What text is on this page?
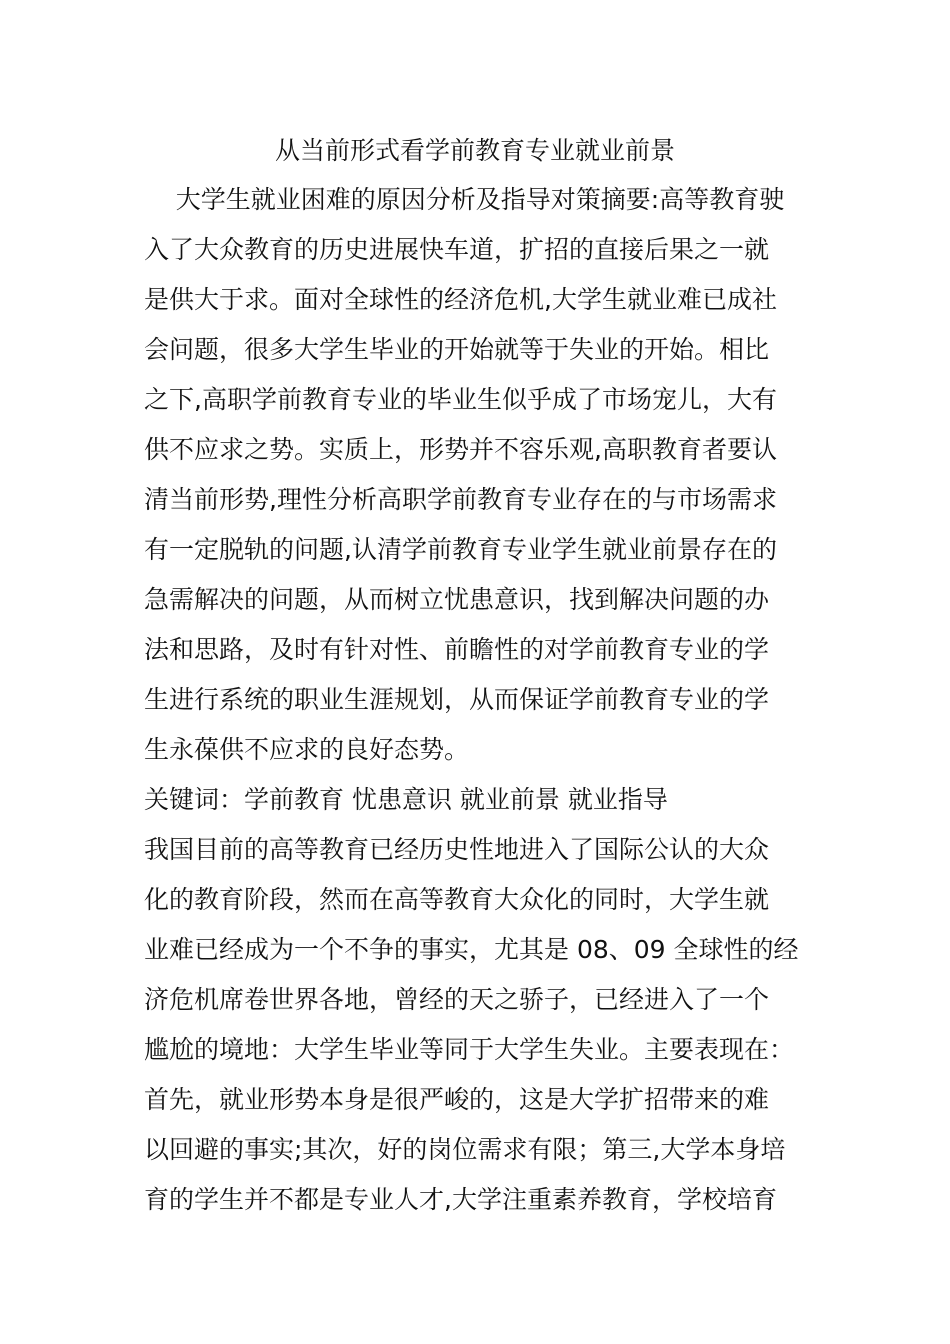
从当前形式看学前教育专业就业前景
大学生就业困难的原因分析及指导对策摘要:高等教育驶
入了大众教育的历史进展快车道，扩招的直接后果之一就
是供大于求。面对全球性的经济危机,大学生就业难已成社
会问题，很多大学生毕业的开始就等于失业的开始。相比
之下,高职学前教育专业的毕业生似乎成了市场宠儿，大有
供不应求之势。实质上，形势并不容乐观,高职教育者要认
清当前形势,理性分析高职学前教育专业存在的与市场需求
有一定脱轨的问题,认清学前教育专业学生就业前景存在的
急需解决的问题，从而树立忧患意识，找到解决问题的办
法和思路，及时有针对性、前瞻性的对学前教育专业的学
生进行系统的职业生涯规划，从而保证学前教育专业的学
生永葆供不应求的良好态势。

关键词：学前教育 忧患意识 就业前景 就业指导

我国目前的高等教育已经历史性地进入了国际公认的大众
化的教育阶段，然而在高等教育大众化的同时，大学生就
业难已经成为一个不争的事实，尤其是 08、09 全球性的经
济危机席卷世界各地，曾经的天之骄子，已经进入了一个
尴尬的境地：大学生毕业等同于大学生失业。主要表现在：
首先，就业形势本身是很严峻的，这是大学扩招带来的难
以回避的事实;其次，好的岗位需求有限；第三,大学本身培
育的学生并不都是专业人才,大学注重素养教育，学校培育
